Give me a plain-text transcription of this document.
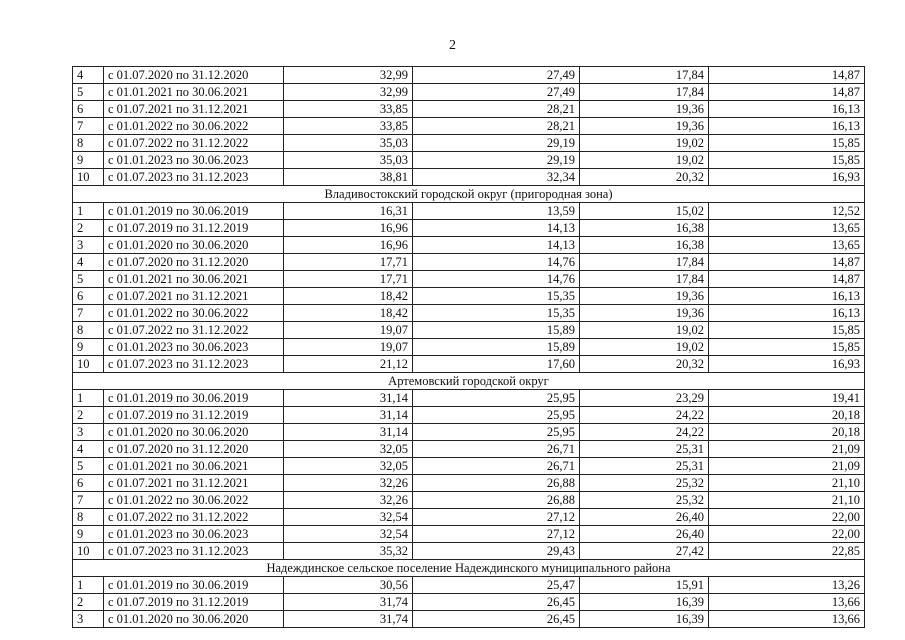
2
4	с 01.07.2020 по 31.12.2020	32,99	27,49	17,84	14,87
5	с 01.01.2021 по 30.06.2021	32,99	27,49	17,84	14,87
6	с 01.07.2021 по 31.12.2021	33,85	28,21	19,36	16,13
7	с 01.01.2022 по 30.06.2022	33,85	28,21	19,36	16,13
8	с 01.07.2022 по 31.12.2022	35,03	29,19	19,02	15,85
9	с 01.01.2023 по 30.06.2023	35,03	29,19	19,02	15,85
10	с 01.07.2023 по 31.12.2023	38,81	32,34	20,32	16,93
Владивостокский городской округ (пригородная зона)					
1	с 01.01.2019 по 30.06.2019	16,31	13,59	15,02	12,52
2	с 01.07.2019 по 31.12.2019	16,96	14,13	16,38	13,65
3	с 01.01.2020 по 30.06.2020	16,96	14,13	16,38	13,65
4	с 01.07.2020 по 31.12.2020	17,71	14,76	17,84	14,87
5	с 01.01.2021 по 30.06.2021	17,71	14,76	17,84	14,87
6	с 01.07.2021 по 31.12.2021	18,42	15,35	19,36	16,13
7	с 01.01.2022 по 30.06.2022	18,42	15,35	19,36	16,13
8	с 01.07.2022 по 31.12.2022	19,07	15,89	19,02	15,85
9	с 01.01.2023 по 30.06.2023	19,07	15,89	19,02	15,85
10	с 01.07.2023 по 31.12.2023	21,12	17,60	20,32	16,93
Артемовский городской округ					
1	с 01.01.2019 по 30.06.2019	31,14	25,95	23,29	19,41
2	с 01.07.2019 по 31.12.2019	31,14	25,95	24,22	20,18
3	с 01.01.2020 по 30.06.2020	31,14	25,95	24,22	20,18
4	с 01.07.2020 по 31.12.2020	32,05	26,71	25,31	21,09
5	с 01.01.2021 по 30.06.2021	32,05	26,71	25,31	21,09
6	с 01.07.2021 по 31.12.2021	32,26	26,88	25,32	21,10
7	с 01.01.2022 по 30.06.2022	32,26	26,88	25,32	21,10
8	с 01.07.2022 по 31.12.2022	32,54	27,12	26,40	22,00
9	с 01.01.2023 по 30.06.2023	32,54	27,12	26,40	22,00
10	с 01.07.2023 по 31.12.2023	35,32	29,43	27,42	22,85
Надеждинское сельское поселение Надеждинского муниципального района					
1	с 01.01.2019 по 30.06.2019	30,56	25,47	15,91	13,26
2	с 01.07.2019 по 31.12.2019	31,74	26,45	16,39	13,66
3	с 01.01.2020 по 30.06.2020	31,74	26,45	16,39	13,66
